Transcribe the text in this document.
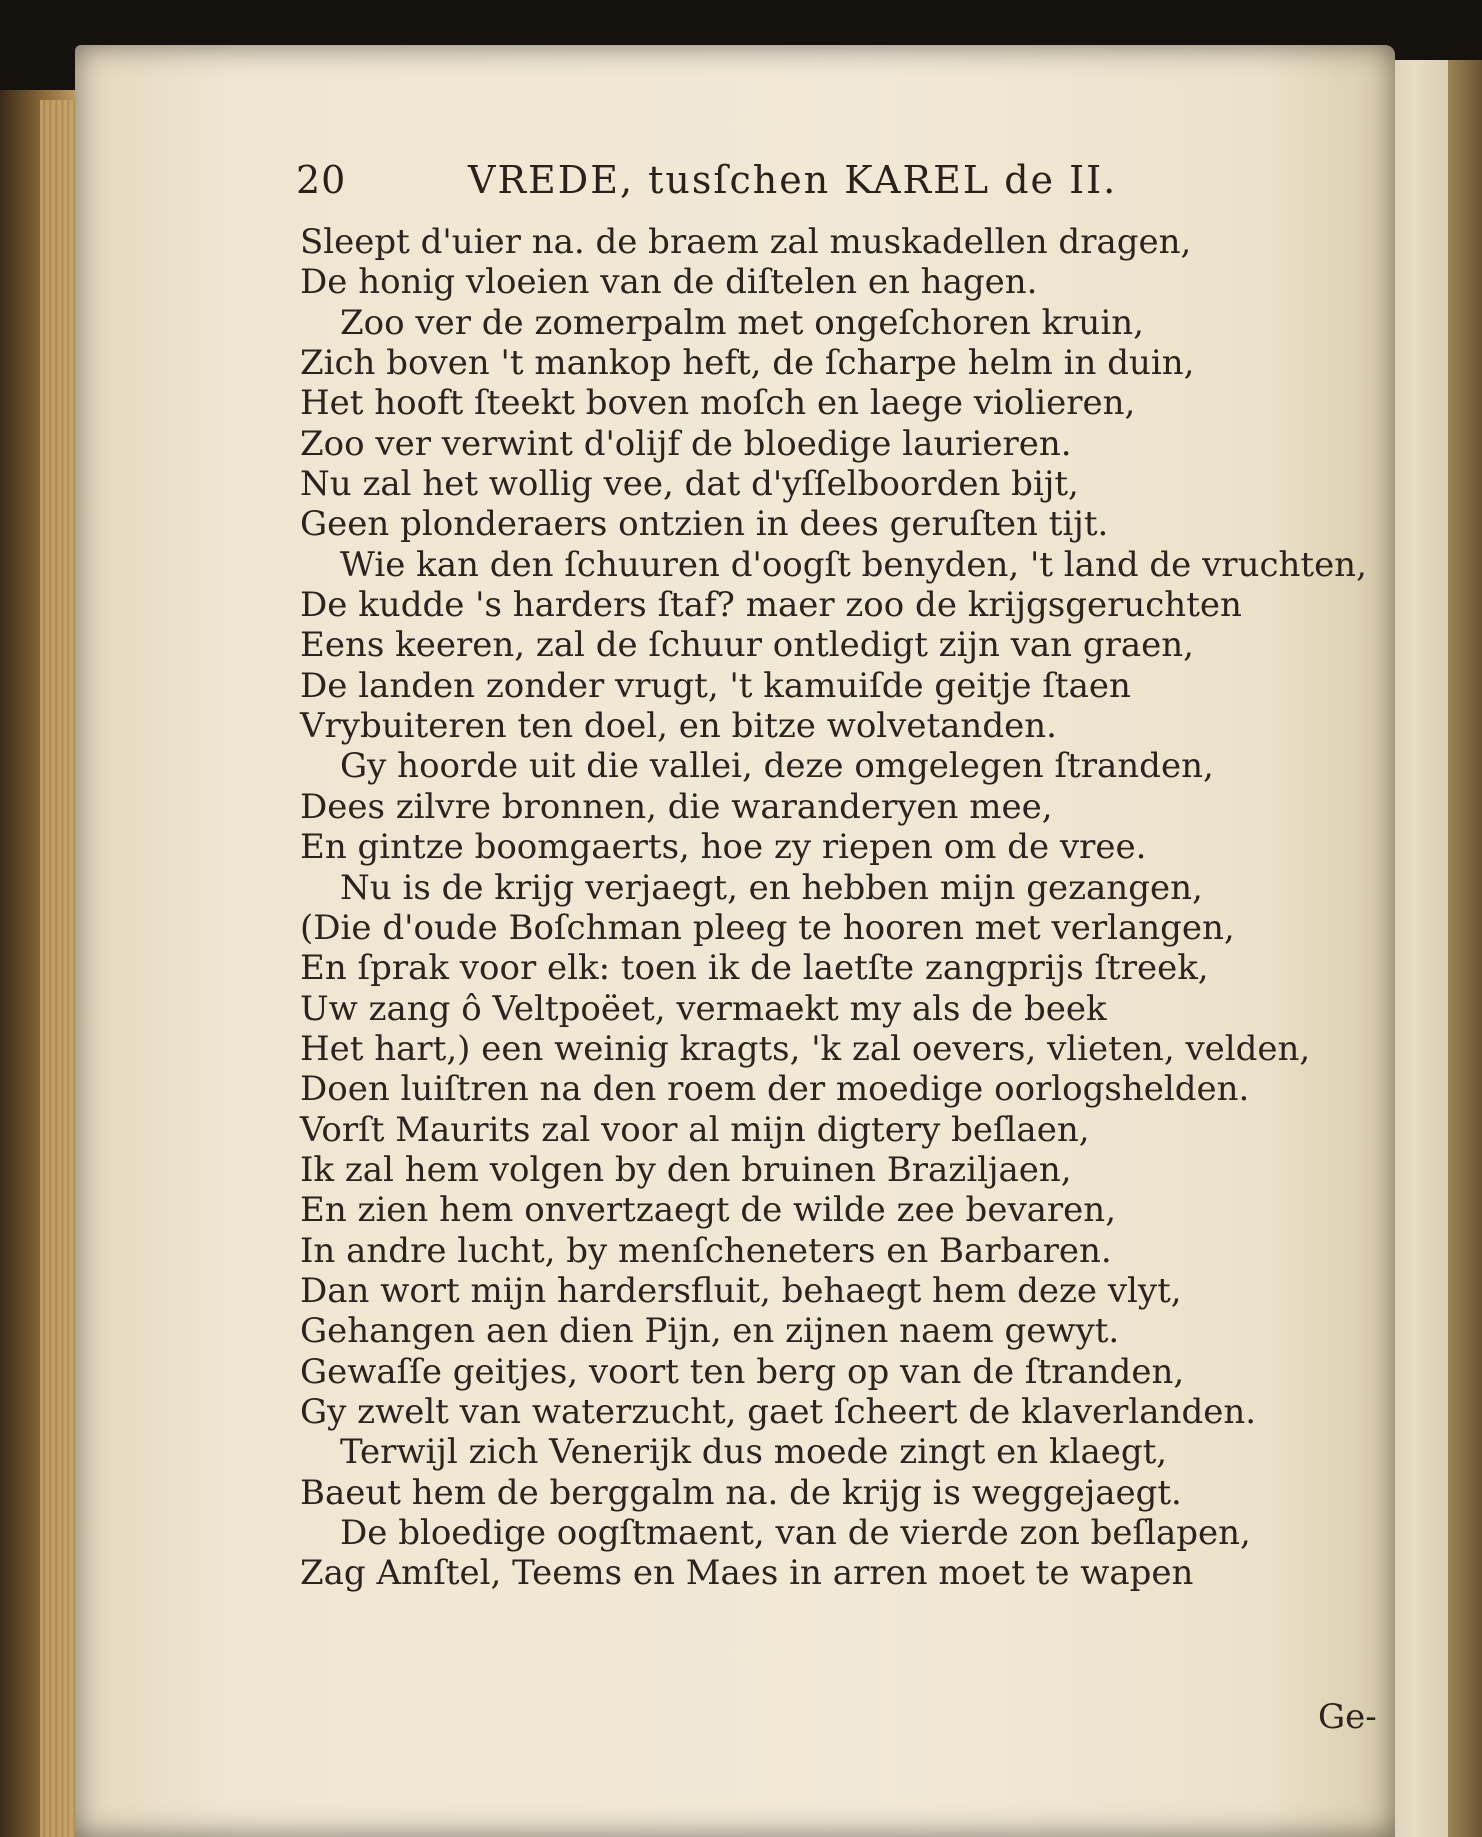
20	VREDE, tusſchen KAREL de II.
Sleept d'uier na. de braem zal muskadellen dragen,
De honig vloeien van de diſtelen en hagen.
Zoo ver de zomerpalm met ongeſchoren kruin,
Zich boven 't mankop heft, de ſcharpe helm in duin,
Het hooft ſteekt boven moſch en laege violieren,
Zoo ver verwint d'olijf de bloedige laurieren.
Nu zal het wollig vee, dat d'yſſelboorden bijt,
Geen plonderaers ontzien in dees geruſten tijt.
Wie kan den ſchuuren d'oogſt benyden, 't land de vruchten,
De kudde 's harders ſtaf? maer zoo de krijgsgeruchten
Eens keeren, zal de ſchuur ontledigt zijn van graen,
De landen zonder vrugt, 't kamuiſde geitje ſtaen
Vrybuiteren ten doel, en bitze wolvetanden.
Gy hoorde uit die vallei, deze omgelegen ſtranden,
Dees zilvre bronnen, die waranderyen mee,
En gintze boomgaerts, hoe zy riepen om de vree.
Nu is de krijg verjaegt, en hebben mijn gezangen,
(Die d'oude Boſchman pleeg te hooren met verlangen,
En ſprak voor elk: toen ik de laetſte zangprijs ſtreek,
Uw zang ô Veltpoëet, vermaekt my als de beek
Het hart,) een weinig kragts, 'k zal oevers, vlieten, velden,
Doen luiſtren na den roem der moedige oorlogshelden.
Vorſt Maurits zal voor al mijn digtery beſlaen,
Ik zal hem volgen by den bruinen Braziljaen,
En zien hem onvertzaegt de wilde zee bevaren,
In andre lucht, by menſcheneters en Barbaren.
Dan wort mijn hardersfluit, behaegt hem deze vlyt,
Gehangen aen dien Pijn, en zijnen naem gewyt.
Gewaſſe geitjes, voort ten berg op van de ſtranden,
Gy zwelt van waterzucht, gaet ſcheert de klaverlanden.
Terwijl zich Venerijk dus moede zingt en klaegt,
Baeut hem de berggalm na. de krijg is weggejaegt.
De bloedige oogſtmaent, van de vierde zon beſlapen,
Zag Amſtel, Teems en Maes in arren moet te wapen
Ge-
